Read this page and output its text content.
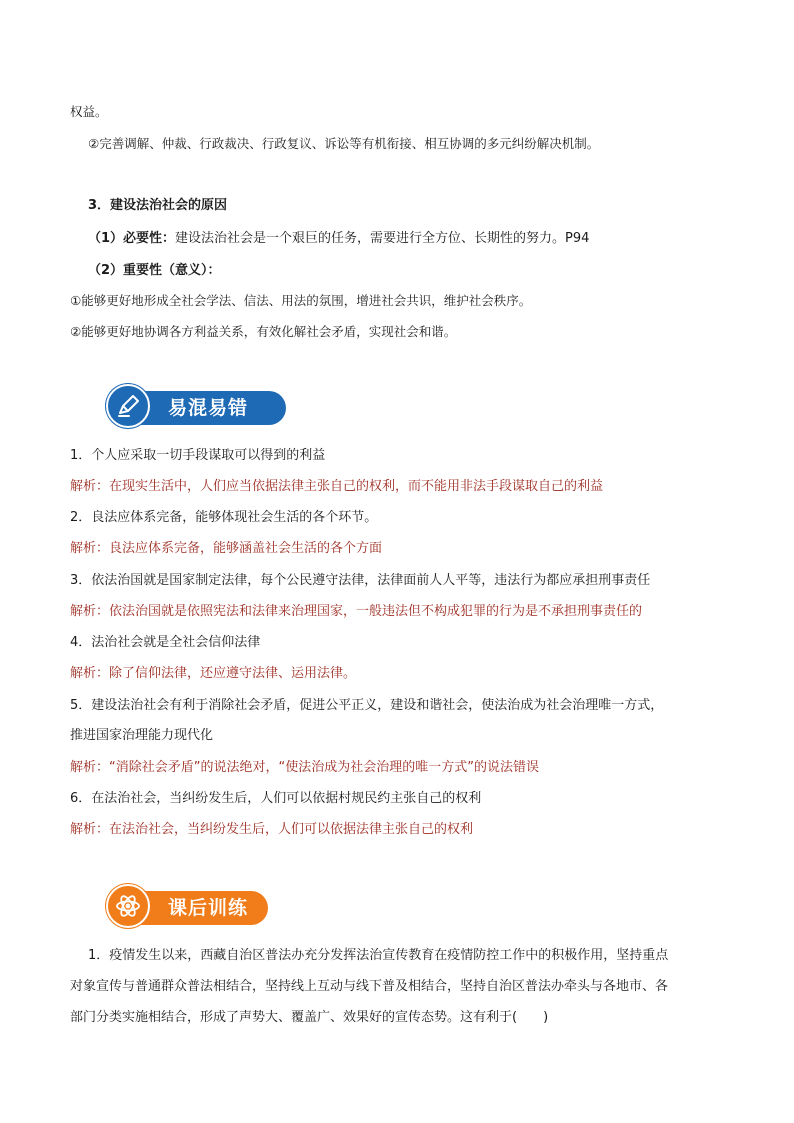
权益。
②完善调解、仲裁、行政裁决、行政复议、诉讼等有机衔接、相互协调的多元纠纷解决机制。
3．建设法治社会的原因
（1）必要性：建设法治社会是一个艰巨的任务，需要进行全方位、长期性的努力。P94
（2）重要性（意义）：
①能够更好地形成全社会学法、信法、用法的氛围，增进社会共识，维护社会秩序。
②能够更好地协调各方利益关系，有效化解社会矛盾，实现社会和谐。
易混易错
1．个人应采取一切手段谋取可以得到的利益
解析：在现实生活中，人们应当依据法律主张自己的权利，而不能用非法手段谋取自己的利益
2．良法应体系完备，能够体现社会生活的各个环节。
解析：良法应体系完备，能够涵盖社会生活的各个方面
3．依法治国就是国家制定法律，每个公民遵守法律，法律面前人人平等，违法行为都应承担刑事责任
解析：依法治国就是依照宪法和法律来治理国家，一般违法但不构成犯罪的行为是不承担刑事责任的
4．法治社会就是全社会信仰法律
解析：除了信仰法律，还应遵守法律、运用法律。
5．建设法治社会有利于消除社会矛盾，促进公平正义，建设和谐社会，使法治成为社会治理唯一方式，
推进国家治理能力现代化
解析：“消除社会矛盾”的说法绝对，“使法治成为社会治理的唯一方式”的说法错误
6．在法治社会，当纠纷发生后，人们可以依据村规民约主张自己的权利
解析：在法治社会，当纠纷发生后，人们可以依据法律主张自己的权利
课后训练
1．疫情发生以来，西藏自治区普法办充分发挥法治宣传教育在疫情防控工作中的积极作用，坚持重点
对象宣传与普通群众普法相结合，坚持线上互动与线下普及相结合，坚持自治区普法办牵头与各地市、各
部门分类实施相结合，形成了声势大、覆盖广、效果好的宣传态势。这有利于(　　)
